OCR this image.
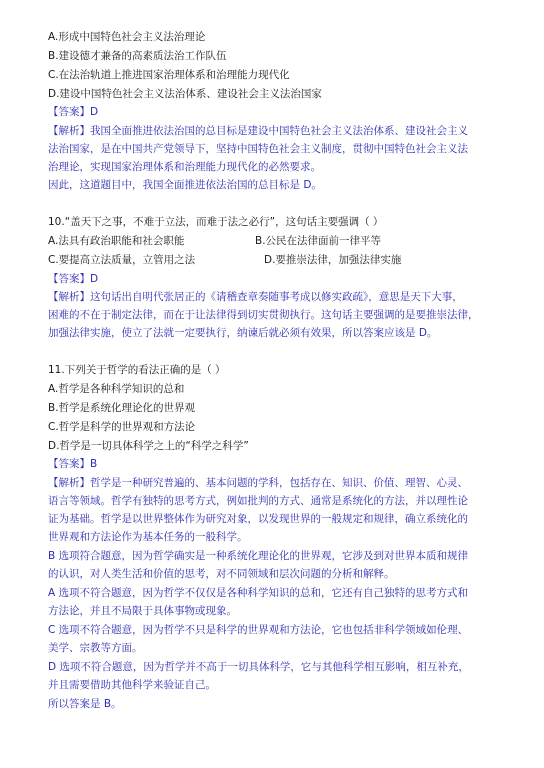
A.形成中国特色社会主义法治理论
B.建设德才兼备的高素质法治工作队伍
C.在法治轨道上推进国家治理体系和治理能力现代化
D.建设中国特色社会主义法治体系、建设社会主义法治国家
【答案】D
【解析】我国全面推进依法治国的总目标是建设中国特色社会主义法治体系、建设社会主义
法治国家，是在中国共产党领导下，坚持中国特色社会主义制度，贯彻中国特色社会主义法
治理论，实现国家治理体系和治理能力现代化的必然要求。
因此，这道题目中，我国全面推进依法治国的总目标是 D。
10.“盖天下之事，不难于立法，而难于法之必行”，这句话主要强调（ ）
A.法具有政治职能和社会职能	B.公民在法律面前一律平等
C.要提高立法质量，立管用之法	D.要推崇法律，加强法律实施
【答案】D
【解析】这句话出自明代张居正的《请稽查章奏随事考成以修实政疏》，意思是天下大事，
困难的不在于制定法律，而在于让法律得到切实贯彻执行。这句话主要强调的是要推崇法律，
加强法律实施，使立了法就一定要执行，纳谏后就必须有效果，所以答案应该是 D。
11.下列关于哲学的看法正确的是（ ）
A.哲学是各种科学知识的总和
B.哲学是系统化理论化的世界观
C.哲学是科学的世界观和方法论
D.哲学是一切具体科学之上的“科学之科学”
【答案】B
【解析】哲学是一种研究普遍的、基本问题的学科，包括存在、知识、价值、理智、心灵、
语言等领域。哲学有独特的思考方式，例如批判的方式、通常是系统化的方法，并以理性论
证为基础。哲学是以世界整体作为研究对象，以发现世界的一般规定和规律，确立系统化的
世界观和方法论作为基本任务的一般科学。
B 选项符合题意，因为哲学确实是一种系统化理论化的世界观，它涉及到对世界本质和规律
的认识，对人类生活和价值的思考，对不同领域和层次问题的分析和解释。
A 选项不符合题意，因为哲学不仅仅是各种科学知识的总和，它还有自己独特的思考方式和
方法论，并且不局限于具体事物或现象。
C 选项不符合题意，因为哲学不只是科学的世界观和方法论，它也包括非科学领域如伦理、
美学、宗教等方面。
D 选项不符合题意，因为哲学并不高于一切具体科学，它与其他科学相互影响，相互补充，
并且需要借助其他科学来验证自己。
所以答案是 B。
